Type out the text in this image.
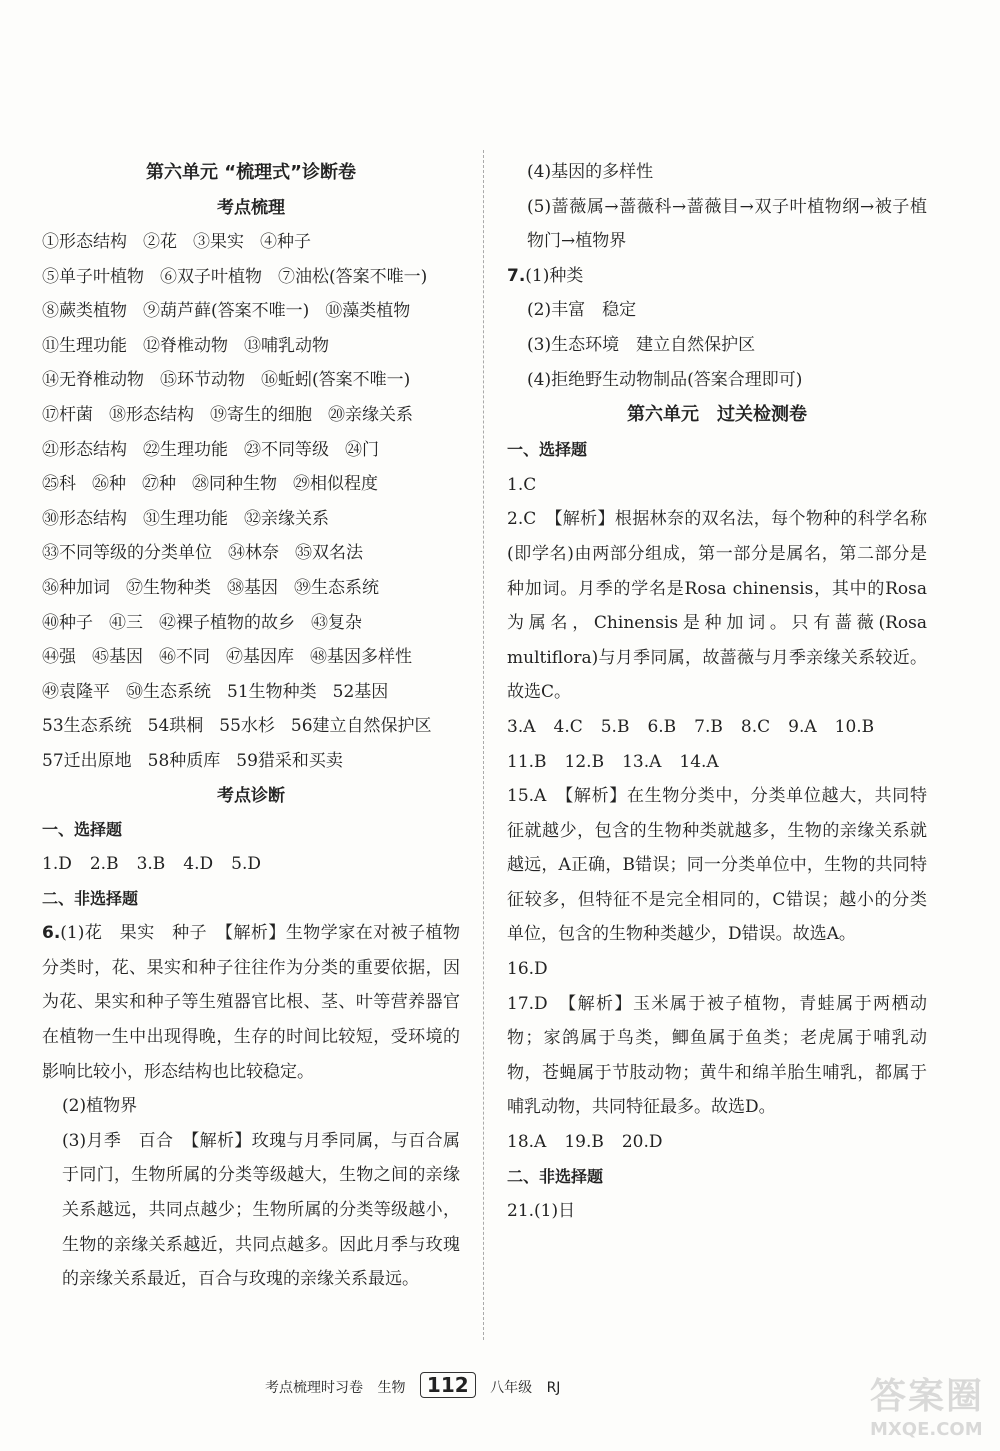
第六单元 “梳理式”诊断卷
考点梳理
①形态结构 ②花 ③果实 ④种子
⑤单子叶植物 ⑥双子叶植物 ⑦油松(答案不唯一)
⑧蕨类植物 ⑨葫芦藓(答案不唯一) ⑩藻类植物
⑪生理功能 ⑫脊椎动物 ⑬哺乳动物
⑭无脊椎动物 ⑮环节动物 ⑯蚯蚓(答案不唯一)
⑰杆菌 ⑱形态结构 ⑲寄生的细胞 ⑳亲缘关系
㉑形态结构 ㉒生理功能 ㉓不同等级 ㉔门
㉕科 ㉖种 ㉗种 ㉘同种生物 ㉙相似程度
㉚形态结构 ㉛生理功能 ㉜亲缘关系
㉝不同等级的分类单位 ㉞林奈 ㉟双名法
㊱种加词 ㊲生物种类 ㊳基因 ㊴生态系统
㊵种子 ㊶三 ㊷裸子植物的故乡 ㊸复杂
㊹强 ㊺基因 ㊻不同 ㊼基因库 ㊽基因多样性
㊾袁隆平 ㊿生态系统 51生物种类 52基因
53生态系统 54珙桐 55水杉 56建立自然保护区
57迁出原地 58种质库 59猎采和买卖
考点诊断
一、选择题
1.D 2.B 3.B 4.D 5.D
二、非选择题
6.(1)花　果实　种子　【解析】生物学家在对被子植物分类时，花、果实和种子往往作为分类的重要依据，因为花、果实和种子等生殖器官比根、茎、叶等营养器官在植物一生中出现得晚，生存的时间比较短，受环境的影响比较小，形态结构也比较稳定。
(2)植物界
(3)月季　百合　【解析】玫瑰与月季同属，与百合属于同门，生物所属的分类等级越大，生物之间的亲缘关系越远，共同点越少；生物所属的分类等级越小，生物的亲缘关系越近，共同点越多。因此月季与玫瑰的亲缘关系最近，百合与玫瑰的亲缘关系最远。
(4)基因的多样性
(5)蔷薇属→蔷薇科→蔷薇目→双子叶植物纲→被子植物门→植物界
7.(1)种类
(2)丰富　稳定
(3)生态环境　建立自然保护区
(4)拒绝野生动物制品(答案合理即可)
第六单元　过关检测卷
一、选择题
1.C
2.C　【解析】根据林奈的双名法，每个物种的科学名称(即学名)由两部分组成，第一部分是属名，第二部分是种加词。月季的学名是Rosa chinensis，其中的Rosa为属名，Chinensis是种加词。只有蔷薇(Rosa multiflora)与月季同属，故蔷薇与月季亲缘关系较近。故选C。
3.A 4.C 5.B 6.B 7.B 8.C 9.A 10.B
11.B 12.B 13.A 14.A
15.A　【解析】在生物分类中，分类单位越大，共同特征就越少，包含的生物种类就越多，生物的亲缘关系就越远，A正确，B错误；同一分类单位中，生物的共同特征较多，但特征不是完全相同的，C错误；越小的分类单位，包含的生物种类越少，D错误。故选A。
16.D
17.D　【解析】玉米属于被子植物，青蛙属于两栖动物；家鸽属于鸟类，鲫鱼属于鱼类；老虎属于哺乳动物，苍蝇属于节肢动物；黄牛和绵羊胎生哺乳，都属于哺乳动物，共同特征最多。故选D。
18.A 19.B 20.D
二、非选择题
21.(1)日
考点梳理时习卷 生物 112 八年级 RJ	答案圈
MXQE.COM
